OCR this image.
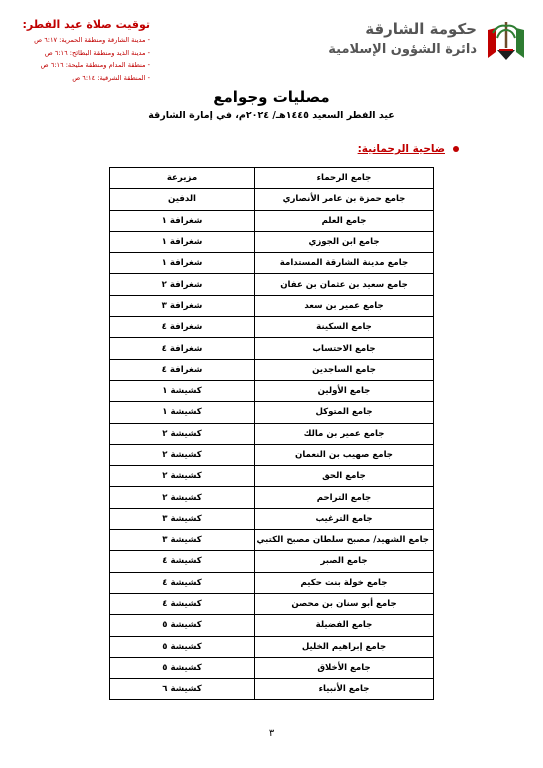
حكومة الشارقة
دائرة الشؤون الإسلامية
توقيت صلاة عيد الفطر:
- مدينة الشارقة ومنطقة الحمرية: ٦:١٧ ص
- مدينة الذيد ومنطقة البطائح: ٦:١٦ ص
- منطقة المدام ومنطقة مليحة: ٦:١٦ ص
- المنطقة الشرقية: ٦:١٤ ص
مصليات وجوامع
عيد الفطر السعيد ١٤٤٥هـ/ ٢٠٢٤م، في إمارة الشارقة
ضاحية الرحمانية:
جامع الرحماء	مزيرعة
جامع حمزة بن عامر الأنصاري	الدفين
جامع العلم	شغرافة ١
جامع ابن الجوزي	شغرافة ١
جامع مدينة الشارقة المستدامة	شغرافة ١
جامع سعيد بن عثمان بن عفان	شغرافة ٢
جامع عمير بن سعد	شغرافة ٣
جامع السكينة	شغرافة ٤
جامع الاحتساب	شغرافة ٤
جامع الساجدين	شغرافة ٤
جامع الأولين	كشيشة ١
جامع المتوكل	كشيشة ١
جامع عمير بن مالك	كشيشة ٢
جامع صهيب بن النعمان	كشيشة ٢
جامع الحق	كشيشة ٢
جامع التراحم	كشيشة ٢
جامع الترغيب	كشيشة ٣
جامع الشهيد/ مصبح سلطان مصبح الكتبي	كشيشة ٣
جامع الصبر	كشيشة ٤
جامع خولة بنت حكيم	كشيشة ٤
جامع أبو سنان بن محصن	كشيشة ٤
جامع الفضيلة	كشيشة ٥
جامع إبراهيم الخليل	كشيشة ٥
جامع الأخلاق	كشيشة ٥
جامع الأنبياء	كشيشة ٦
٣
